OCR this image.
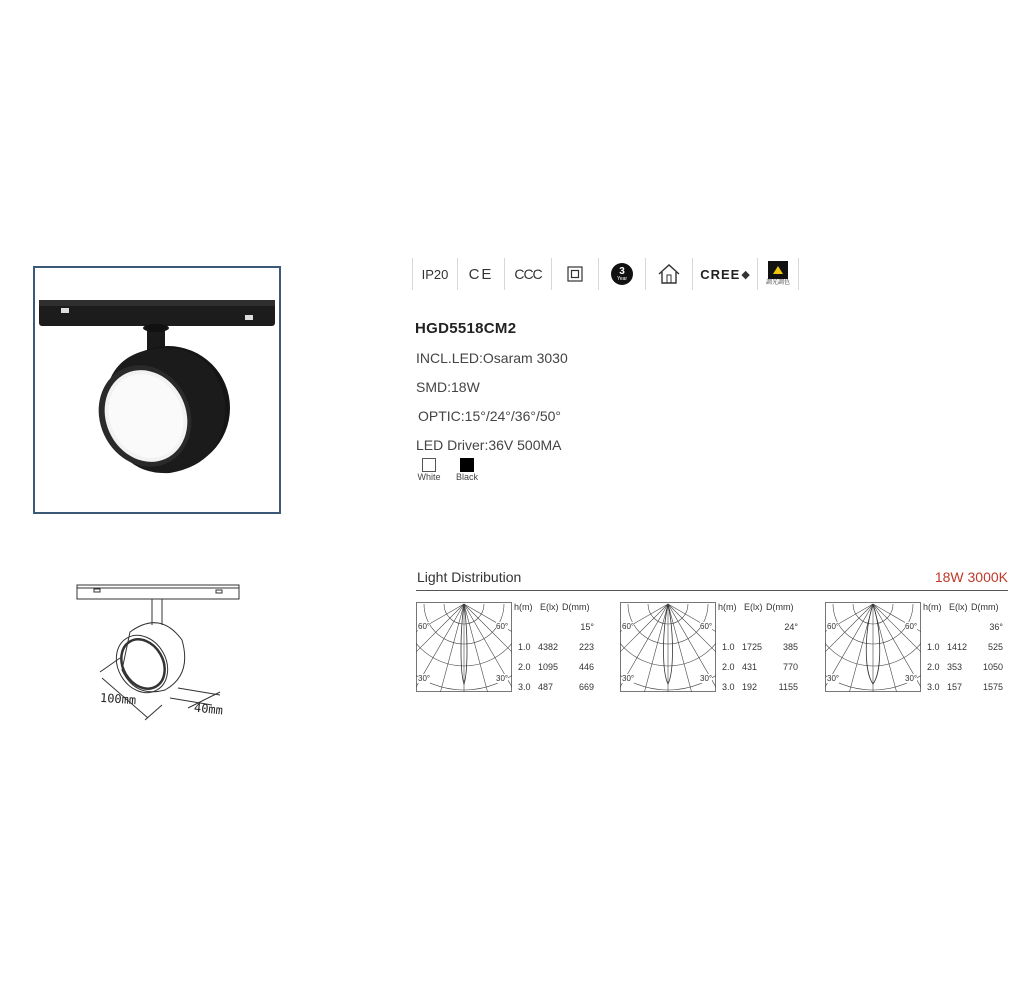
IP20 CE CCC	3
Year	CREE ◆
調光調色
HGD5518CM2
INCL.LED:Osaram 3030
SMD:18W
OPTIC:15°/24°/36°/50°
LED Driver:36V 500MA
White	Black
100mm
40mm
Light Distribution	18W 3000K
60°	60°
30°	30°
h(m) E(lx) D(mm)
15°
1.0 4382 223
2.0 1095 446
3.0 487	669
60°	60°
30°	30°
h(m) E(lx) D(mm)
24°
1.0 1725 385
2.0 431	770
3.0 192 1155
60°	60°
30°	30°
h(m) E(lx) D(mm)
36°
1.0 1412 525
2.0 353 1050
3.0 157 1575
